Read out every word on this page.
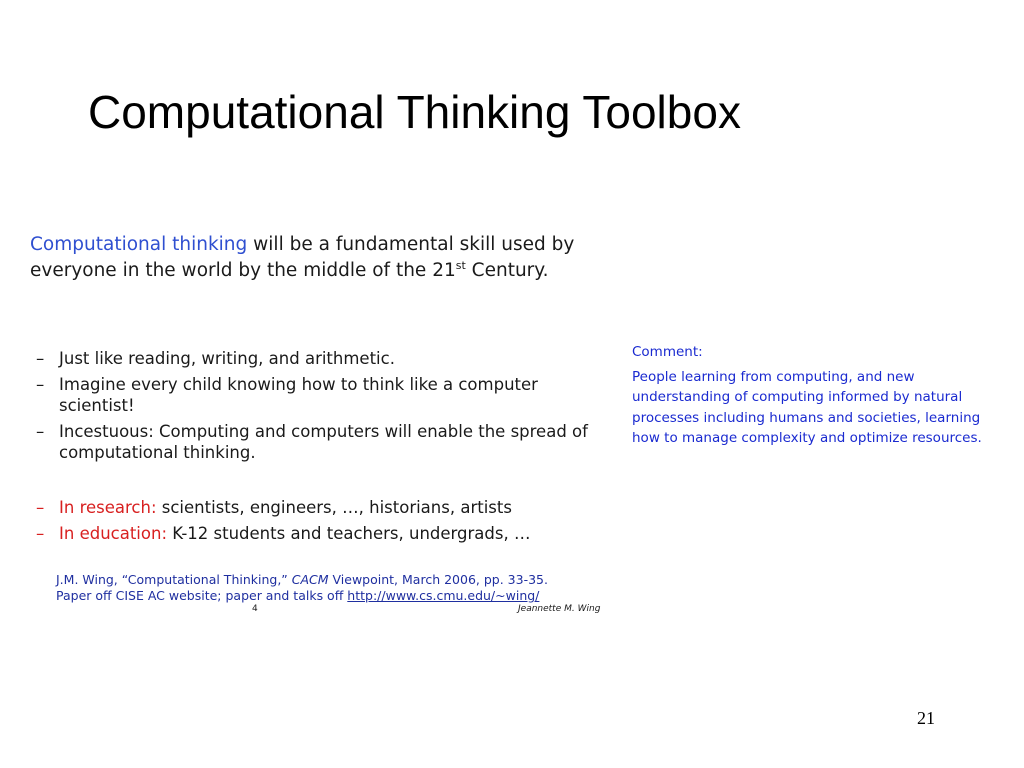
Computational Thinking Toolbox

Computational thinking will be a fundamental skill used by everyone in the world by the middle of the 21st Century.

– Just like reading, writing, and arithmetic.
– Imagine every child knowing how to think like a computer scientist!
– Incestuous: Computing and computers will enable the spread of computational thinking.
– In research: scientists, engineers, …, historians, artists
– In education: K-12 students and teachers, undergrads, …
J.M. Wing, “Computational Thinking,” CACM Viewpoint, March 2006, pp. 33-35.
Paper off CISE AC website; paper and talks off http://www.cs.cmu.edu/~wing/
4	Jeannette M. Wing

Comment:

People learning from computing, and new understanding of computing informed by natural processes including humans and societies, learning how to manage complexity and optimize resources.

21
